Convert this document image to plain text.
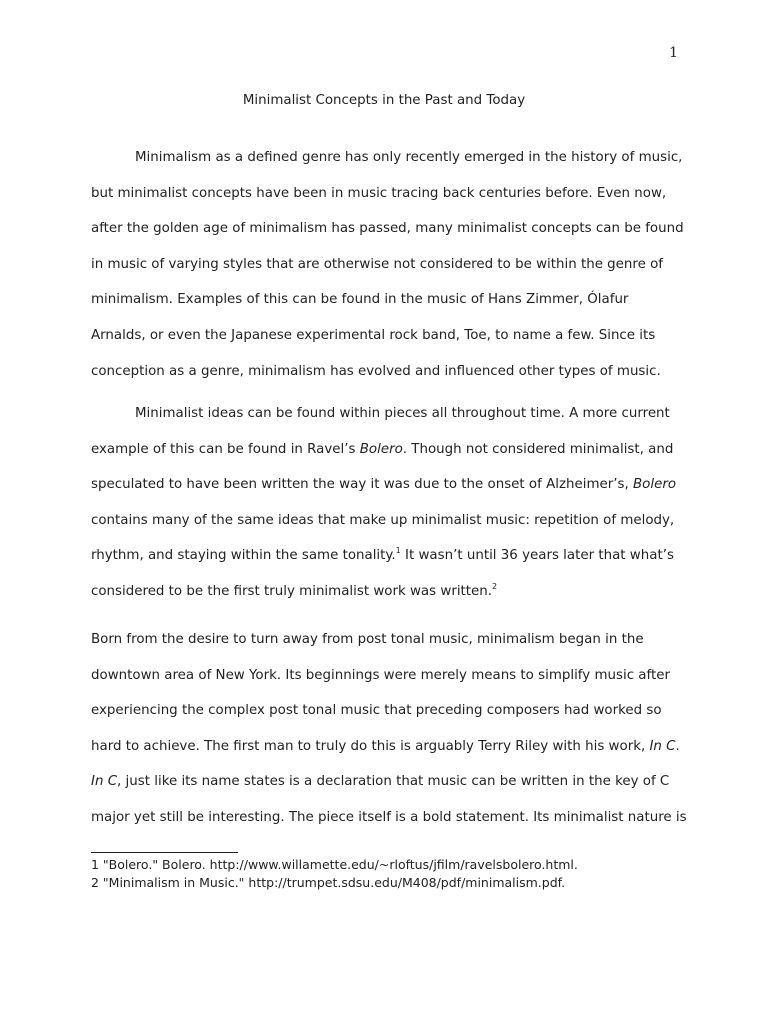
1
Minimalist Concepts in the Past and Today
Minimalism as a defined genre has only recently emerged in the history of music,
but minimalist concepts have been in music tracing back centuries before. Even now,
after the golden age of minimalism has passed, many minimalist concepts can be found
in music of varying styles that are otherwise not considered to be within the genre of
minimalism. Examples of this can be found in the music of Hans Zimmer, Ólafur
Arnalds, or even the Japanese experimental rock band, Toe, to name a few. Since its
conception as a genre, minimalism has evolved and influenced other types of music.
Minimalist ideas can be found within pieces all throughout time. A more current
example of this can be found in Ravel’s Bolero. Though not considered minimalist, and
speculated to have been written the way it was due to the onset of Alzheimer’s, Bolero
contains many of the same ideas that make up minimalist music: repetition of melody,
rhythm, and staying within the same tonality.$^1$ It wasn’t until 36 years later that what’s
considered to be the first truly minimalist work was written.$^2$
Born from the desire to turn away from post tonal music, minimalism began in the
downtown area of New York. Its beginnings were merely means to simplify music after
experiencing the complex post tonal music that preceding composers had worked so
hard to achieve. The first man to truly do this is arguably Terry Riley with his work, In C.
In C, just like its name states is a declaration that music can be written in the key of C
major yet still be interesting. The piece itself is a bold statement. Its minimalist nature is
1 "Bolero." Bolero. http://www.willamette.edu/~rloftus/jfilm/ravelsbolero.html.
2 "Minimalism in Music." http://trumpet.sdsu.edu/M408/pdf/minimalism.pdf.
